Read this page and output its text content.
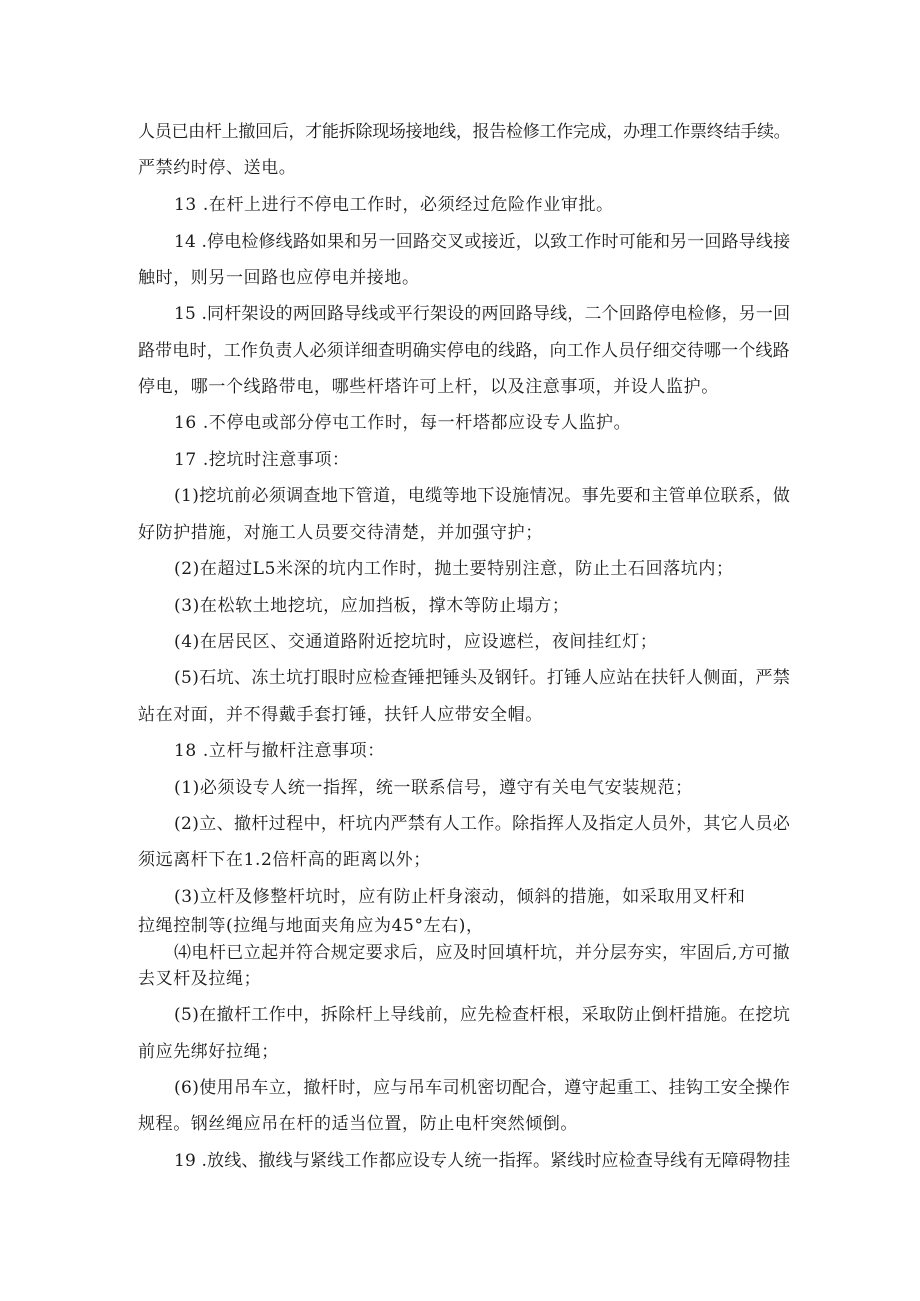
人员已由杆上撤回后，才能拆除现场接地线，报告检修工作完成，办理工作票终结手续。
严禁约时停、送电。
13 .在杆上进行不停电工作时，必须经过危险作业审批。
14 .停电检修线路如果和另一回路交叉或接近，以致工作时可能和另一回路导线接
触时，则另一回路也应停电并接地。
15 .同杆架设的两回路导线或平行架设的两回路导线，二个回路停电检修，另一回
路带电时，工作负责人必须详细查明确实停电的线路，向工作人员仔细交待哪一个线路
停电，哪一个线路带电，哪些杆塔许可上杆，以及注意事项，并设人监护。
16 .不停电或部分停屯工作时，每一杆塔都应设专人监护。
17 .挖坑时注意事项：
(1)挖坑前必须调查地下管道，电缆等地下设施情况。事先要和主管单位联系，做
好防护措施，对施工人员要交待清楚，并加强守护；
(2)在超过L5米深的坑内工作时，抛土要特别注意，防止土石回落坑内；
(3)在松软土地挖坑，应加挡板，撑木等防止塌方；
(4)在居民区、交通道路附近挖坑时，应设遮栏，夜间挂红灯；
(5)石坑、冻土坑打眼时应检查锤把锤头及钢钎。打锤人应站在扶钎人侧面，严禁
站在对面，并不得戴手套打锤，扶钎人应带安全帽。
18 .立杆与撤杆注意事项：
(1)必须设专人统一指挥，统一联系信号，遵守有关电气安装规范；
(2)立、撤杆过程中，杆坑内严禁有人工作。除指挥人及指定人员外，其它人员必
须远离杆下在1.2倍杆高的距离以外；
(3)立杆及修整杆坑时，应有防止杆身滚动，倾斜的措施，如采取用叉杆和
拉绳控制等(拉绳与地面夹角应为45°左右)，
⑷电杆已立起并符合规定要求后，应及时回填杆坑，并分层夯实，牢固后,方可撤
去叉杆及拉绳；
(5)在撤杆工作中，拆除杆上导线前，应先检查杆根，采取防止倒杆措施。在挖坑
前应先绑好拉绳；
(6)使用吊车立，撤杆时，应与吊车司机密切配合，遵守起重工、挂钩工安全操作
规程。钢丝绳应吊在杆的适当位置，防止电杆突然倾倒。
19 .放线、撤线与紧线工作都应设专人统一指挥。紧线时应检查导线有无障碍物挂
